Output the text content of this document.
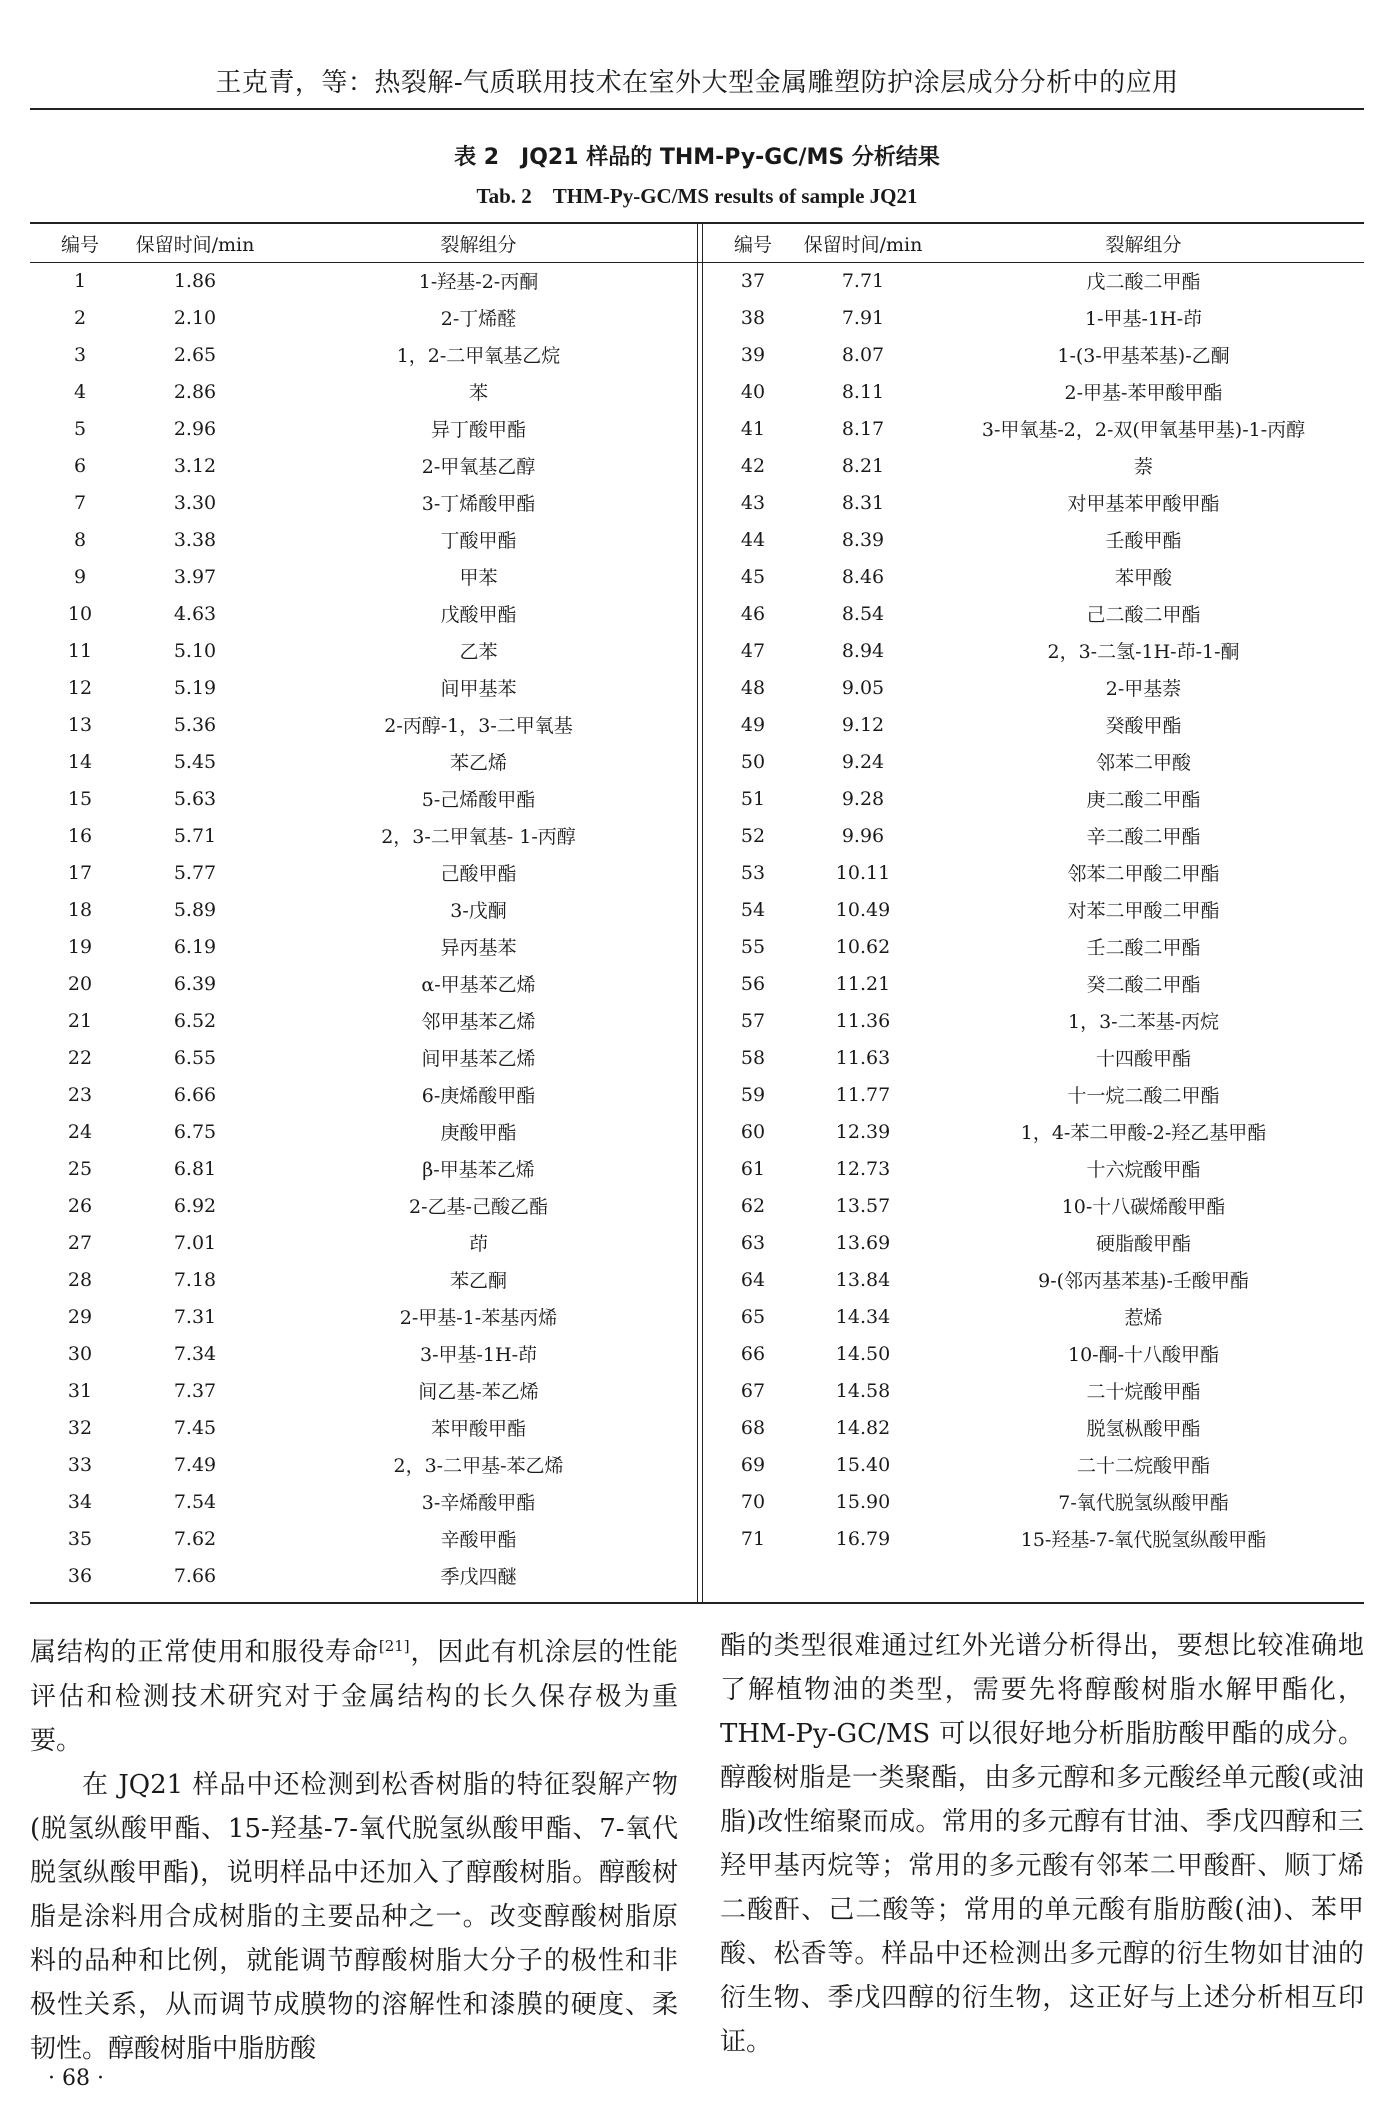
王克青，等：热裂解-气质联用技术在室外大型金属雕塑防护涂层成分分析中的应用
表 2　JQ21 样品的 THM-Py-GC/MS 分析结果
Tab. 2　THM-Py-GC/MS results of sample JQ21
编号	保留时间/min	裂解组分
1	1.86	1-羟基-2-丙酮
2	2.10	2-丁烯醛
3	2.65	1，2-二甲氧基乙烷
4	2.86	苯
5	2.96	异丁酸甲酯
6	3.12	2-甲氧基乙醇
7	3.30	3-丁烯酸甲酯
8	3.38	丁酸甲酯
9	3.97	甲苯
10	4.63	戊酸甲酯
11	5.10	乙苯
12	5.19	间甲基苯
13	5.36	2-丙醇-1，3-二甲氧基
14	5.45	苯乙烯
15	5.63	5-己烯酸甲酯
16	5.71	2，3-二甲氧基- 1-丙醇
17	5.77	己酸甲酯
18	5.89	3-戊酮
19	6.19	异丙基苯
20	6.39	α-甲基苯乙烯
21	6.52	邻甲基苯乙烯
22	6.55	间甲基苯乙烯
23	6.66	6-庚烯酸甲酯
24	6.75	庚酸甲酯
25	6.81	β-甲基苯乙烯
26	6.92	2-乙基-己酸乙酯
27	7.01	茚
28	7.18	苯乙酮
29	7.31	2-甲基-1-苯基丙烯
30	7.34	3-甲基-1H-茚
31	7.37	间乙基-苯乙烯
32	7.45	苯甲酸甲酯
33	7.49	2，3-二甲基-苯乙烯
34	7.54	3-辛烯酸甲酯
35	7.62	辛酸甲酯
36	7.66	季戊四醚
编号	保留时间/min	裂解组分
37	7.71	戊二酸二甲酯
38	7.91	1-甲基-1H-茚
39	8.07	1-(3-甲基苯基)-乙酮
40	8.11	2-甲基-苯甲酸甲酯
41	8.17	3-甲氧基-2，2-双(甲氧基甲基)-1-丙醇
42	8.21	萘
43	8.31	对甲基苯甲酸甲酯
44	8.39	壬酸甲酯
45	8.46	苯甲酸
46	8.54	己二酸二甲酯
47	8.94	2，3-二氢-1H-茚-1-酮
48	9.05	2-甲基萘
49	9.12	癸酸甲酯
50	9.24	邻苯二甲酸
51	9.28	庚二酸二甲酯
52	9.96	辛二酸二甲酯
53	10.11	邻苯二甲酸二甲酯
54	10.49	对苯二甲酸二甲酯
55	10.62	壬二酸二甲酯
56	11.21	癸二酸二甲酯
57	11.36	1，3-二苯基-丙烷
58	11.63	十四酸甲酯
59	11.77	十一烷二酸二甲酯
60	12.39	1，4-苯二甲酸-2-羟乙基甲酯
61	12.73	十六烷酸甲酯
62	13.57	10-十八碳烯酸甲酯
63	13.69	硬脂酸甲酯
64	13.84	9-(邻丙基苯基)-壬酸甲酯
65	14.34	惹烯
66	14.50	10-酮-十八酸甲酯
67	14.58	二十烷酸甲酯
68	14.82	脱氢枞酸甲酯
69	15.40	二十二烷酸甲酯
70	15.90	7-氧代脱氢纵酸甲酯
71	16.79	15-羟基-7-氧代脱氢纵酸甲酯

属结构的正常使用和服役寿命[21]，因此有机涂层的性能评估和检测技术研究对于金属结构的长久保存极为重要。

在 JQ21 样品中还检测到松香树脂的特征裂解产物(脱氢纵酸甲酯、15-羟基-7-氧代脱氢纵酸甲酯、7-氧代脱氢纵酸甲酯)，说明样品中还加入了醇酸树脂。醇酸树脂是涂料用合成树脂的主要品种之一。改变醇酸树脂原料的品种和比例，就能调节醇酸树脂大分子的极性和非极性关系，从而调节成膜物的溶解性和漆膜的硬度、柔韧性。醇酸树脂中脂肪酸

酯的类型很难通过红外光谱分析得出，要想比较准确地了解植物油的类型，需要先将醇酸树脂水解甲酯化，THM-Py-GC/MS 可以很好地分析脂肪酸甲酯的成分。醇酸树脂是一类聚酯，由多元醇和多元酸经单元酸(或油脂)改性缩聚而成。常用的多元醇有甘油、季戊四醇和三羟甲基丙烷等；常用的多元酸有邻苯二甲酸酐、顺丁烯二酸酐、己二酸等；常用的单元酸有脂肪酸(油)、苯甲酸、松香等。样品中还检测出多元醇的衍生物如甘油的衍生物、季戊四醇的衍生物，这正好与上述分析相互印证。

· 68 ·
